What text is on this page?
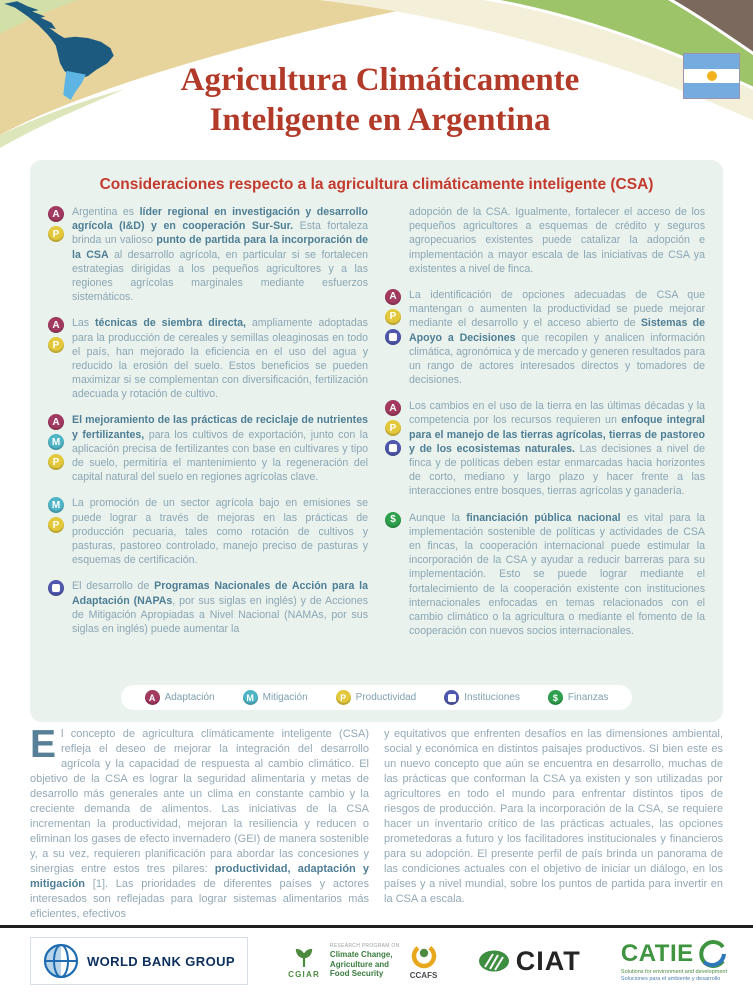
Agricultura Climáticamente
Inteligente en Argentina
Consideraciones respecto a la agricultura climáticamente inteligente (CSA)
A
P
Argentina es líder regional en investigación y desarrollo agrícola (I&D) y en cooperación Sur-Sur. Esta fortaleza brinda un valioso punto de partida para la incorporación de la CSA al desarrollo agrícola, en particular si se fortalecen estrategias dirigidas a los pequeños agricultores y a las regiones agrícolas marginales mediante esfuerzos sistemáticos.
A
P
Las técnicas de siembra directa, ampliamente adoptadas para la producción de cereales y semillas oleaginosas en todo el país, han mejorado la eficiencia en el uso del agua y reducido la erosión del suelo. Estos beneficios se pueden maximizar si se complementan con diversificación, fertilización adecuada y rotación de cultivo.
A
M
P
El mejoramiento de las prácticas de reciclaje de nutrientes y fertilizantes, para los cultivos de exportación, junto con la aplicación precisa de fertilizantes con base en cultivares y tipo de suelo, permitiría el mantenimiento y la regeneración del capital natural del suelo en regiones agrícolas clave.
M
P
La promoción de un sector agrícola bajo en emisiones se puede lograr a través de mejoras en las prácticas de producción pecuaria, tales como rotación de cultivos y pasturas, pastoreo controlado, manejo preciso de pasturas y esquemas de certificación.
El desarrollo de Programas Nacionales de Acción para la Adaptación (NAPAs, por sus siglas en inglés) y de Acciones de Mitigación Apropiadas a Nivel Nacional (NAMAs, por sus siglas en inglés) puede aumentar la
adopción de la CSA. Igualmente, fortalecer el acceso de los pequeños agricultores a esquemas de crédito y seguros agropecuarios existentes puede catalizar la adopción e implementación a mayor escala de las iniciativas de CSA ya existentes a nivel de finca.
A
P
La identificación de opciones adecuadas de CSA que mantengan o aumenten la productividad se puede mejorar mediante el desarrollo y el acceso abierto de Sistemas de Apoyo a Decisiones que recopilen y analicen información climática, agronómica y de mercado y generen resultados para un rango de actores interesados directos y tomadores de decisiones.
A
P
Los cambios en el uso de la tierra en las últimas décadas y la competencia por los recursos requieren un enfoque integral para el manejo de las tierras agrícolas, tierras de pastoreo y de los ecosistemas naturales. Las decisiones a nivel de finca y de políticas deben estar enmarcadas hacia horizontes de corto, mediano y largo plazo y hacer frente a las interacciones entre bosques, tierras agrícolas y ganadería.
$	Aunque la financiación pública nacional es vital para la implementación sostenible de políticas y actividades de CSA en fincas, la cooperación internacional puede estimular la incorporación de la CSA y ayudar a reducir barreras para su implementación. Esto se puede lograr mediante el fortalecimiento de la cooperación existente con instituciones internacionales enfocadas en temas relacionados con el cambio climático o la agricultura o mediante el fomento de la cooperación con nuevos socios internacionales.
A Adaptación	M Mitigación	P Productividad	Instituciones	$	Finanzas
El concepto de agricultura climáticamente inteligente (CSA) refleja el deseo de mejorar la integración del desarrollo agrícola y la capacidad de respuesta al cambio climático. El objetivo de la CSA es lograr la seguridad alimentaria y metas de desarrollo más generales ante un clima en constante cambio y la creciente demanda de alimentos. Las iniciativas de la CSA incrementan la productividad, mejoran la resiliencia y reducen o eliminan los gases de efecto invernadero (GEI) de manera sostenible y, a su vez, requieren planificación para abordar las concesiones y sinergias entre estos tres pilares: productividad, adaptación y mitigación [1]. Las prioridades de diferentes países y actores interesados son reflejadas para lograr sistemas alimentarios más eficientes, efectivos
y equitativos que enfrenten desafíos en las dimensiones ambiental, social y económica en distintos paisajes productivos. Si bien este es un nuevo concepto que aún se encuentra en desarrollo, muchas de las prácticas que conforman la CSA ya existen y son utilizadas por agricultores en todo el mundo para enfrentar distintos tipos de riesgos de producción. Para la incorporación de la CSA, se requiere hacer un inventario crítico de las prácticas actuales, las opciones prometedoras a futuro y los facilitadores institucionales y financieros para su adopción. El presente perfil de país brinda un panorama de las condiciones actuales con el objetivo de iniciar un diálogo, en los países y a nivel mundial, sobre los puntos de partida para invertir en la CSA a escala.
WORLD BANK GROUP
CGIAR
RESEARCH PROGRAM ON
Climate Change,
Agriculture and
Food Security	CCAFS	CIAT CATIE
Solutions for environment and development
Soluciones para el ambiente y desarrollo
